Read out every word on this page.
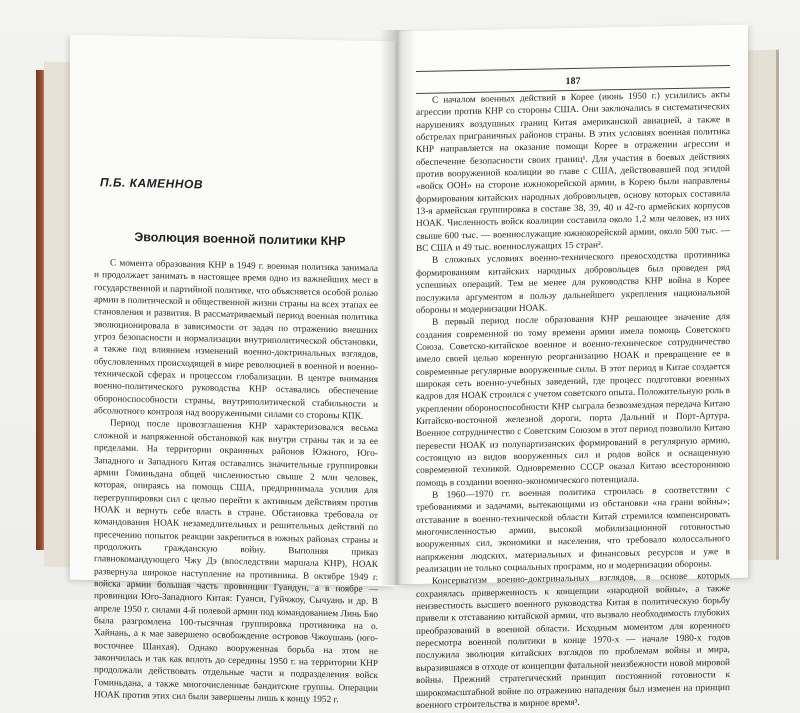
П.Б. КАМЕННОВ
Эволюция военной политики КНР

С момента образования КНР в 1949 г. военная политика занимала и продолжает занимать в настоящее время одно из важнейших мест в государственной и партийной политике, что объясняется особой ролью армии в политической и общественной жизни страны на всех этапах ее становления и развития. В рассматриваемый период военная политика эволюционировала в зависимости от задач по отражению внешних угроз безопасности и нормализации внутриполитической обстановки, а также под влиянием изменений военно-доктринальных взглядов, обусловленных происходящей в мире революцией в военной и военно-технической сферах и процессом глобализации. В центре внимания военно-политического руководства КНР оставались обеспечение обороноспособности страны, внутриполитической стабильности и абсолютного контроля над вооруженными силами со стороны КПК.

Период после провозглашения КНР характеризовался весьма сложной и напряженной обстановкой как внутри страны так и за ее пределами. На территории окраинных районов Южного, Юго-Западного и Западного Китая оставались значительные группировки армии Гоминьдана общей численностью свыше 2 млн человек, которая, опираясь на помощь США, предпринимала усилия для перегруппировки сил с целью перейти к активным действиям против НОАК и вернуть себе власть в стране. Обстановка требовала от командования НОАК незамедлительных и решительных действий по пресечению попыток реакции закрепиться в южных районах страны и продолжить гражданскую войну. Выполняя приказ главнокомандующего Чжу Дэ (впоследствии маршала КНР), НОАК развернула широкое наступление на противника. В октябре 1949 г. войска армии большая часть провинции Гуандун, а в ноябре — провинции Юго-Западного Китая: Гуанси, Гуйчжоу, Сычуань и др. В апреле 1950 г. силами 4-й полевой армии под командованием Линь Бяо была разгромлена 100-тысячная группировка противника на о. Хайнань, а к мае завершено освобождение островов Чжоушань (юго-восточнее Шанхая). Однако вооруженная борьба на этом не закончилась и так как вплоть до середины 1950 г. на территории КНР продолжали действовать отдельные части и подразделения войск Гоминьдана, а также многочисленные бандитские группы. Операции НОАК против этих сил были завершены лишь к концу 1952 г.

187

С началом военных действий в Корее (июнь 1950 г.) усилились акты агрессии против КНР со стороны США. Они заключались в систематических нарушениях воздушных границ Китая американской авиацией, а также в обстрелах приграничных районов страны. В этих условиях военная политика КНР направляется на оказание помощи Корее в отражении агрессии и обеспечение безопасности своих границ¹. Для участия в боевых действиях против вооруженной коалиции во главе с США, действовавшей под эгидой «войск ООН» на стороне южнокорейской армии, в Корею были направлены формирования китайских народных добровольцев, основу которых составила 13-я армейская группировка в составе 38, 39, 40 и 42-го армейских корпусов НОАК. Численность войск коалиции составила около 1,2 млн человек, из них свыше 600 тыс. — военнослужащие южнокорейской армии, около 500 тыс. — ВС США и 49 тыс. военнослужащих 15 стран².

В сложных условиях военно-технического превосходства противника формированиям китайских народных добровольцев был проведен ряд успешных операций. Тем не менее для руководства КНР война в Корее послужила аргументом в пользу дальнейшего укрепления национальной обороны и модернизации НОАК.

В первый период после образования КНР решающее значение для создания современной по тому времени армии имела помощь Советского Союза. Советско-китайское военное и военно-техническое сотрудничество имело своей целью коренную реорганизацию НОАК и превращение ее в современные регулярные вооруженные силы. В этот период в Китае создается широкая сеть военно-учебных заведений, где процесс подготовки военных кадров для НОАК строился с учетом советского опыта. Положительную роль в укреплении обороноспособности КНР сыграла безвозмездная передача Китаю Китайско-восточной железной дороги, порта Дальний и Порт-Артура. Военное сотрудничество с Советским Союзом в этот период позволило Китаю перевести НОАК из полупартизанских формирований в регулярную армию, состоящую из видов вооруженных сил и родов войск и оснащенную современной техникой. Одновременно СССР оказал Китаю всестороннюю помощь в создании военно-экономического потенциала.

В 1960—1970 гг. военная политика строилась в соответствии с требованиями и задачами, вытекающими из обстановки «на грани войны»; отставание в военно-технической области Китай стремился компенсировать многочисленностью армии, высокой мобилизационной готовностью вооруженных сил, экономики и населения, что требовало колоссального напряжения людских, материальных и финансовых ресурсов и уже в реализации не только социальных программ, но и модернизации обороны.

Консерватизм военно-доктринальных взглядов, в основе которых сохранялась приверженность к концепции «народной войны», а также неизвестность высшего военного руководства Китая в политическую борьбу привели к отставанию китайской армии, что вызвало необходимость глубоких преобразований в военной области. Исходным моментом для коренного пересмотра военной политики в конце 1970-х — начале 1980-х годов послужила эволюция китайских взглядов по проблемам войны и мира, выразившаяся в отходе от концепции фатальной неизбежности новой мировой войны. Прежний стратегический принцип постоянной готовности к широкомасштабной войне по отражению нападения был изменен на принцип военного строительства в мирное время³.
